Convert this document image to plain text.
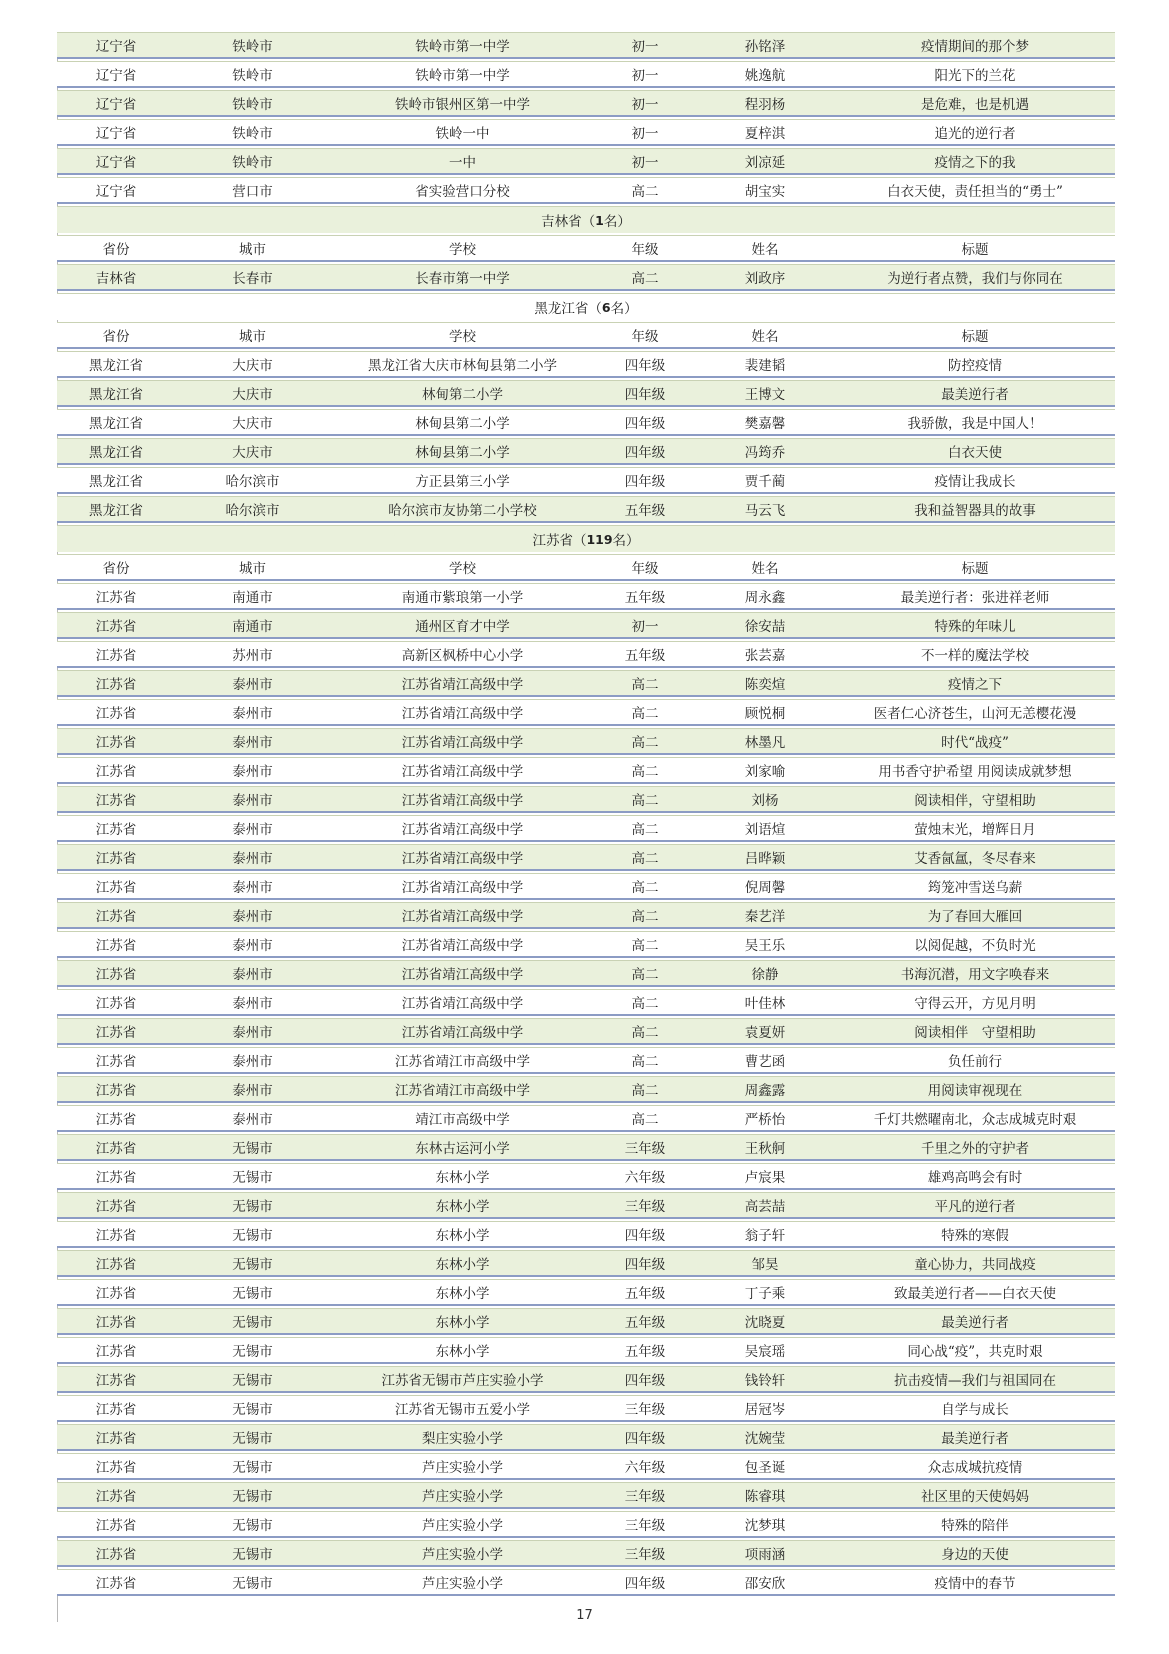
辽宁省	铁岭市	铁岭市第一中学	初一	孙铭泽	疫情期间的那个梦
辽宁省	铁岭市	铁岭市第一中学	初一	姚逸航	阳光下的兰花
辽宁省	铁岭市	铁岭市银州区第一中学	初一	程羽杨	是危难，也是机遇
辽宁省	铁岭市	铁岭一中	初一	夏梓淇	追光的逆行者
辽宁省	铁岭市	一中	初一	刘凉延	疫情之下的我
辽宁省	营口市	省实验营口分校	高二	胡宝实	白衣天使，责任担当的“勇士”
吉林省（ 1 名）
省份	城市	学校	年级	姓名	标题
吉林省	长春市	长春市第一中学	高二	刘政序	为逆行者点赞，我们与你同在
黑龙江省（ 6 名）
省份	城市	学校	年级	姓名	标题
黑龙江省	大庆市	黑龙江省大庆市林甸县第二小学	四年级	裴建韬	防控疫情
黑龙江省	大庆市	林甸第二小学	四年级	王博文	最美逆行者
黑龙江省	大庆市	林甸县第二小学	四年级	樊嘉馨	我骄傲，我是中国人！
黑龙江省	大庆市	林甸县第二小学	四年级	冯筠乔	白衣天使
黑龙江省	哈尔滨市	方正县第三小学	四年级	贾千蔺	疫情让我成长
黑龙江省	哈尔滨市	哈尔滨市友协第二小学校	五年级	马云飞	我和益智器具的故事
江苏省（ 119 名）
省份	城市	学校	年级	姓名	标题
江苏省	南通市	南通市紫琅第一小学	五年级	周永鑫	最美逆行者：张进祥老师
江苏省	南通市	通州区育才中学	初一	徐安喆	特殊的年味儿
江苏省	苏州市	高新区枫桥中心小学	五年级	张芸嘉	不一样的魔法学校
江苏省	泰州市	江苏省靖江高级中学	高二	陈奕煊	疫情之下
江苏省	泰州市	江苏省靖江高级中学	高二	顾悦桐	医者仁心济苍生，山河无恙樱花漫
江苏省	泰州市	江苏省靖江高级中学	高二	林墨凡	时代“战疫”
江苏省	泰州市	江苏省靖江高级中学	高二	刘家喻	用书香守护希望 用阅读成就梦想
江苏省	泰州市	江苏省靖江高级中学	高二	刘杨	阅读相伴，守望相助
江苏省	泰州市	江苏省靖江高级中学	高二	刘语煊	萤烛末光，增辉日月
江苏省	泰州市	江苏省靖江高级中学	高二	吕晔颖	艾香氤氲，冬尽春来
江苏省	泰州市	江苏省靖江高级中学	高二	倪周馨	筠笼冲雪送乌薪
江苏省	泰州市	江苏省靖江高级中学	高二	秦艺洋	为了春回大雁回
江苏省	泰州市	江苏省靖江高级中学	高二	吴王乐	以阅促越，不负时光
江苏省	泰州市	江苏省靖江高级中学	高二	徐静	书海沉潜，用文字唤春来
江苏省	泰州市	江苏省靖江高级中学	高二	叶佳林	守得云开，方见月明
江苏省	泰州市	江苏省靖江高级中学	高二	袁夏妍	阅读相伴　守望相助
江苏省	泰州市	江苏省靖江市高级中学	高二	曹艺函	负任前行
江苏省	泰州市	江苏省靖江市高级中学	高二	周鑫露	用阅读审视现在
江苏省	泰州市	靖江市高级中学	高二	严桥怡	千灯共燃曜南北，众志成城克时艰
江苏省	无锡市	东林古运河小学	三年级	王秋舸	千里之外的守护者
江苏省	无锡市	东林小学	六年级	卢宸果	雄鸡高鸣会有时
江苏省	无锡市	东林小学	三年级	高芸喆	平凡的逆行者
江苏省	无锡市	东林小学	四年级	翁子轩	特殊的寒假
江苏省	无锡市	东林小学	四年级	邹昊	童心协力，共同战疫
江苏省	无锡市	东林小学	五年级	丁子乘	致最美逆行者——白衣天使
江苏省	无锡市	东林小学	五年级	沈晓夏	最美逆行者
江苏省	无锡市	东林小学	五年级	吴宸瑶	同心战“疫”，共克时艰
江苏省	无锡市	江苏省无锡市芦庄实验小学	四年级	钱铃轩	抗击疫情—我们与祖国同在
江苏省	无锡市	江苏省无锡市五爱小学	三年级	居冠岑	自学与成长
江苏省	无锡市	梨庄实验小学	四年级	沈婉莹	最美逆行者
江苏省	无锡市	芦庄实验小学	六年级	包圣诞	众志成城抗疫情
江苏省	无锡市	芦庄实验小学	三年级	陈睿琪	社区里的天使妈妈
江苏省	无锡市	芦庄实验小学	三年级	沈梦琪	特殊的陪伴
江苏省	无锡市	芦庄实验小学	三年级	项雨涵	身边的天使
江苏省	无锡市	芦庄实验小学	四年级	邵安欣	疫情中的春节
17
